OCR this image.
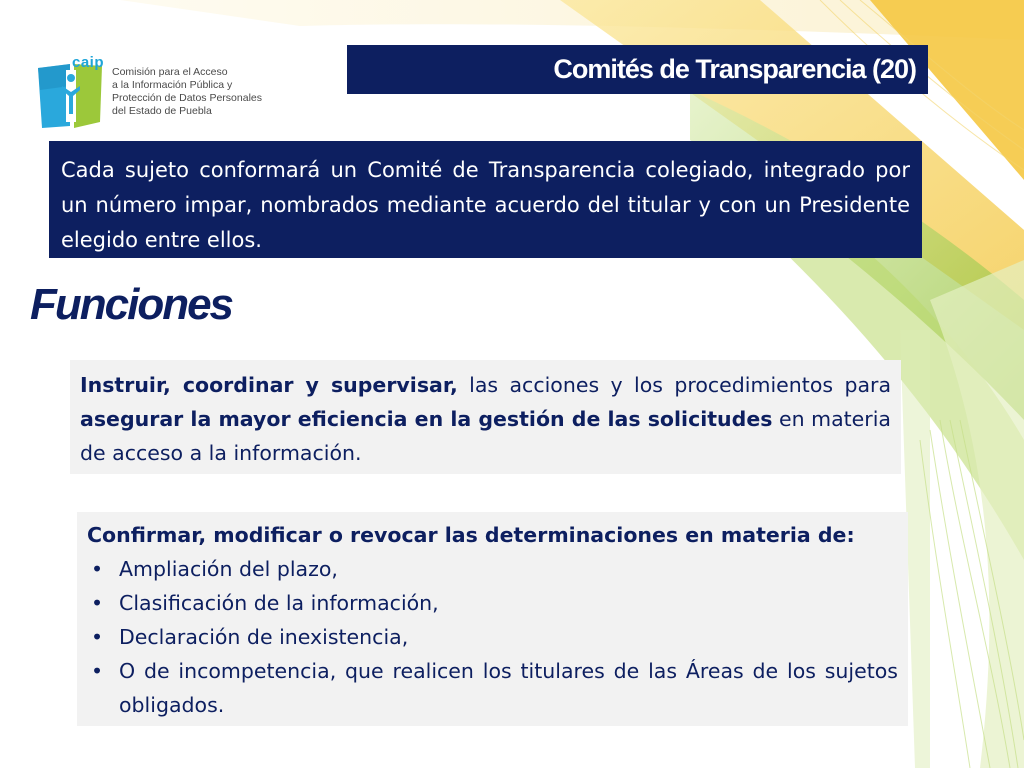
caip
Comisión para el Acceso
a la Información Pública y
Protección de Datos Personales
del Estado de Puebla
Comités de Transparencia (20)
Cada sujeto conformará un Comité de Transparencia colegiado, integrado por un número impar, nombrados mediante acuerdo del titular y con un Presidente elegido entre ellos.
Funciones
Instruir, coordinar y supervisar, las acciones y los procedimientos para asegurar la mayor eficiencia en la gestión de las solicitudes en materia de acceso a la información.
Confirmar, modificar o revocar las determinaciones en materia de:
• Ampliación del plazo,
• Clasificación de la información,
• Declaración de inexistencia,
• O de incompetencia, que realicen los titulares de las Áreas de los sujetos obligados.
